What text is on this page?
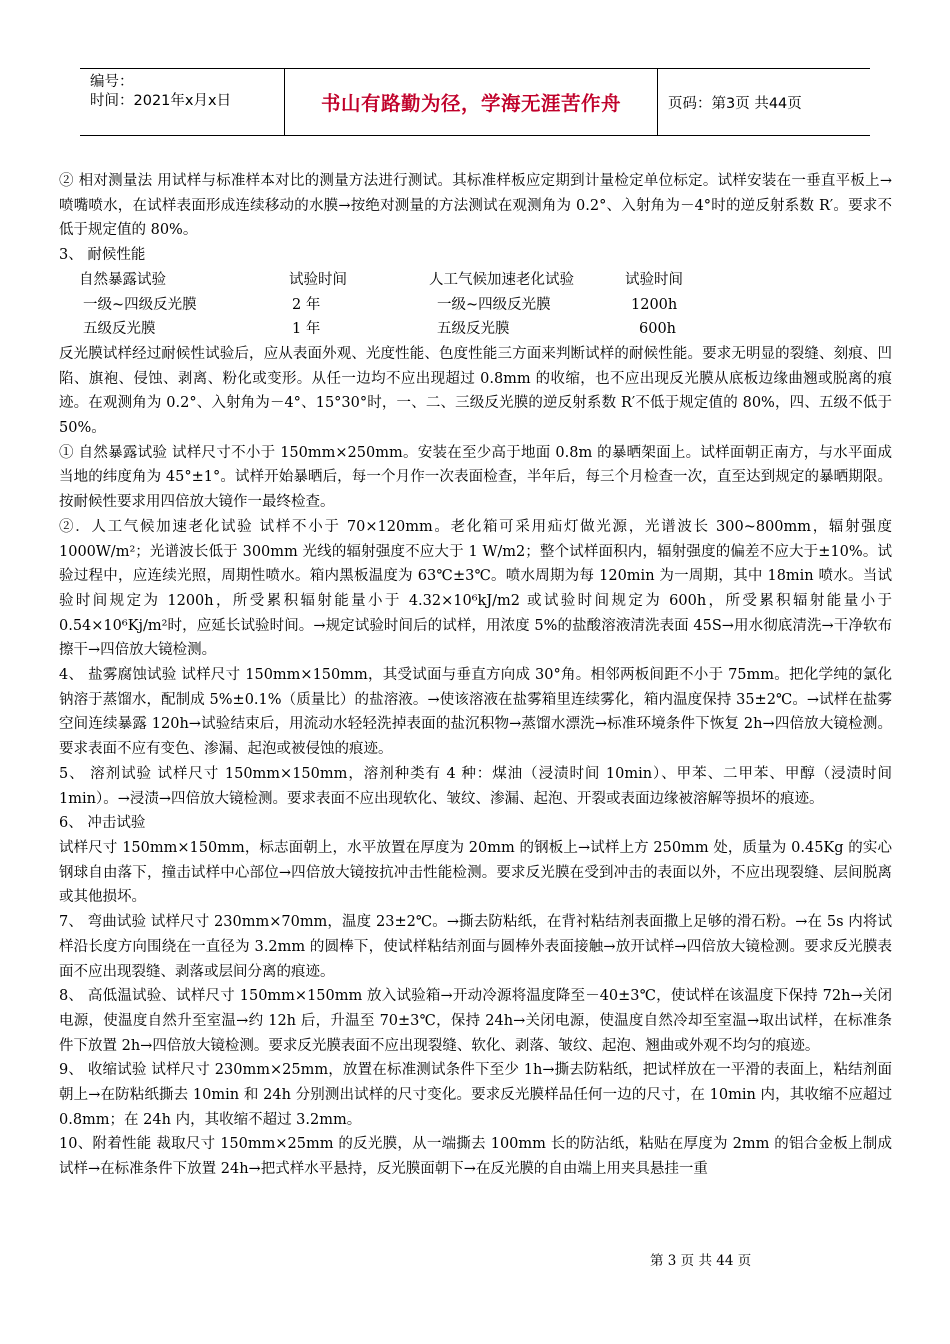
编号：
时间：2021年x月x日	书山有路勤为径，学海无涯苦作舟	页码：第3页 共44页

② 相对测量法 用试样与标准样本对比的测量方法进行测试。其标准样板应定期到计量检定单位标定。试样安装在一垂直平板上→喷嘴喷水，在试样表面形成连续移动的水膜→按绝对测量的方法测试在观测角为 0.2°、入射角为－4°时的逆反射系数 R′。要求不低于规定值的 80%。

3、 耐候性能

自然暴露试验	试验时间	人工气候加速老化试验	试验时间
一级~四级反光膜	2 年	一级~四级反光膜	1200h
五级反光膜	1 年	五级反光膜	600h

反光膜试样经过耐候性试验后，应从表面外观、光度性能、色度性能三方面来判断试样的耐候性能。要求无明显的裂缝、刻痕、凹陷、旗袍、侵蚀、剥离、粉化或变形。从任一边均不应出现超过 0.8mm 的收缩，也不应出现反光膜从底板边缘曲翘或脱离的痕迹。在观测角为 0.2°、入射角为－4°、15°30°时，一、二、三级反光膜的逆反射系数 R′不低于规定值的 80%，四、五级不低于 50%。

① 自然暴露试验 试样尺寸不小于 150mm×250mm。安装在至少高于地面 0.8m 的暴晒架面上。试样面朝正南方，与水平面成当地的纬度角为 45°±1°。试样开始暴晒后，每一个月作一次表面检查，半年后，每三个月检查一次，直至达到规定的暴晒期限。按耐候性要求用四倍放大镜作一最终检查。

②．人工气候加速老化试验 试样不小于 70×120mm。老化箱可采用疝灯做光源，光谱波长 300~800mm，辐射强度 1000W/m²；光谱波长低于 300mm 光线的辐射强度不应大于 1 W/m2；整个试样面积内，辐射强度的偏差不应大于±10%。试验过程中，应连续光照，周期性喷水。箱内黑板温度为 63℃±3℃。喷水周期为每 120min 为一周期，其中 18min 喷水。当试验时间规定为 1200h，所受累积辐射能量小于 4.32×10⁶kJ/m2 或试验时间规定为 600h，所受累积辐射能量小于 0.54×10⁶Kj/m²时，应延长试验时间。→规定试验时间后的试样，用浓度 5%的盐酸溶液清洗表面 45S→用水彻底清洗→干净软布擦干→四倍放大镜检测。

4、 盐雾腐蚀试验 试样尺寸 150mm×150mm，其受试面与垂直方向成 30°角。相邻两板间距不小于 75mm。把化学纯的氯化钠溶于蒸馏水，配制成 5%±0.1%（质量比）的盐溶液。→使该溶液在盐雾箱里连续雾化，箱内温度保持 35±2℃。→试样在盐雾空间连续暴露 120h→试验结束后，用流动水轻轻洗掉表面的盐沉积物→蒸馏水漂洗→标准环境条件下恢复 2h→四倍放大镜检测。要求表面不应有变色、渗漏、起泡或被侵蚀的痕迹。

5、 溶剂试验 试样尺寸 150mm×150mm，溶剂种类有 4 种：煤油（浸渍时间 10min）、甲苯、二甲苯、甲醇（浸渍时间 1min）。→浸渍→四倍放大镜检测。要求表面不应出现软化、皱纹、渗漏、起泡、开裂或表面边缘被溶解等损坏的痕迹。

6、 冲击试验

试样尺寸 150mm×150mm，标志面朝上，水平放置在厚度为 20mm 的钢板上→试样上方 250mm 处，质量为 0.45Kg 的实心钢球自由落下，撞击试样中心部位→四倍放大镜按抗冲击性能检测。要求反光膜在受到冲击的表面以外，不应出现裂缝、层间脱离或其他损坏。

7、 弯曲试验 试样尺寸 230mm×70mm，温度 23±2℃。→撕去防粘纸，在背衬粘结剂表面撒上足够的滑石粉。→在 5s 内将试样沿长度方向围绕在一直径为 3.2mm 的圆棒下，使试样粘结剂面与圆棒外表面接触→放开试样→四倍放大镜检测。要求反光膜表面不应出现裂缝、剥落或层间分离的痕迹。

8、 高低温试验、试样尺寸 150mm×150mm 放入试验箱→开动冷源将温度降至－40±3℃，使试样在该温度下保持 72h→关闭电源，使温度自然升至室温→约 12h 后，升温至 70±3℃，保持 24h→关闭电源，使温度自然冷却至室温→取出试样，在标准条件下放置 2h→四倍放大镜检测。要求反光膜表面不应出现裂缝、软化、剥落、皱纹、起泡、翘曲或外观不均匀的痕迹。

9、 收缩试验 试样尺寸 230mm×25mm，放置在标准测试条件下至少 1h→撕去防粘纸，把试样放在一平滑的表面上，粘结剂面朝上→在防粘纸撕去 10min 和 24h 分别测出试样的尺寸变化。要求反光膜样品任何一边的尺寸，在 10min 内，其收缩不应超过 0.8mm；在 24h 内，其收缩不超过 3.2mm。

10、附着性能 裁取尺寸 150mm×25mm 的反光膜，从一端撕去 100mm 长的防沾纸，粘贴在厚度为 2mm 的铝合金板上制成试样→在标准条件下放置 24h→把式样水平悬持，反光膜面朝下→在反光膜的自由端上用夹具悬挂一重

第 3 页 共 44 页
